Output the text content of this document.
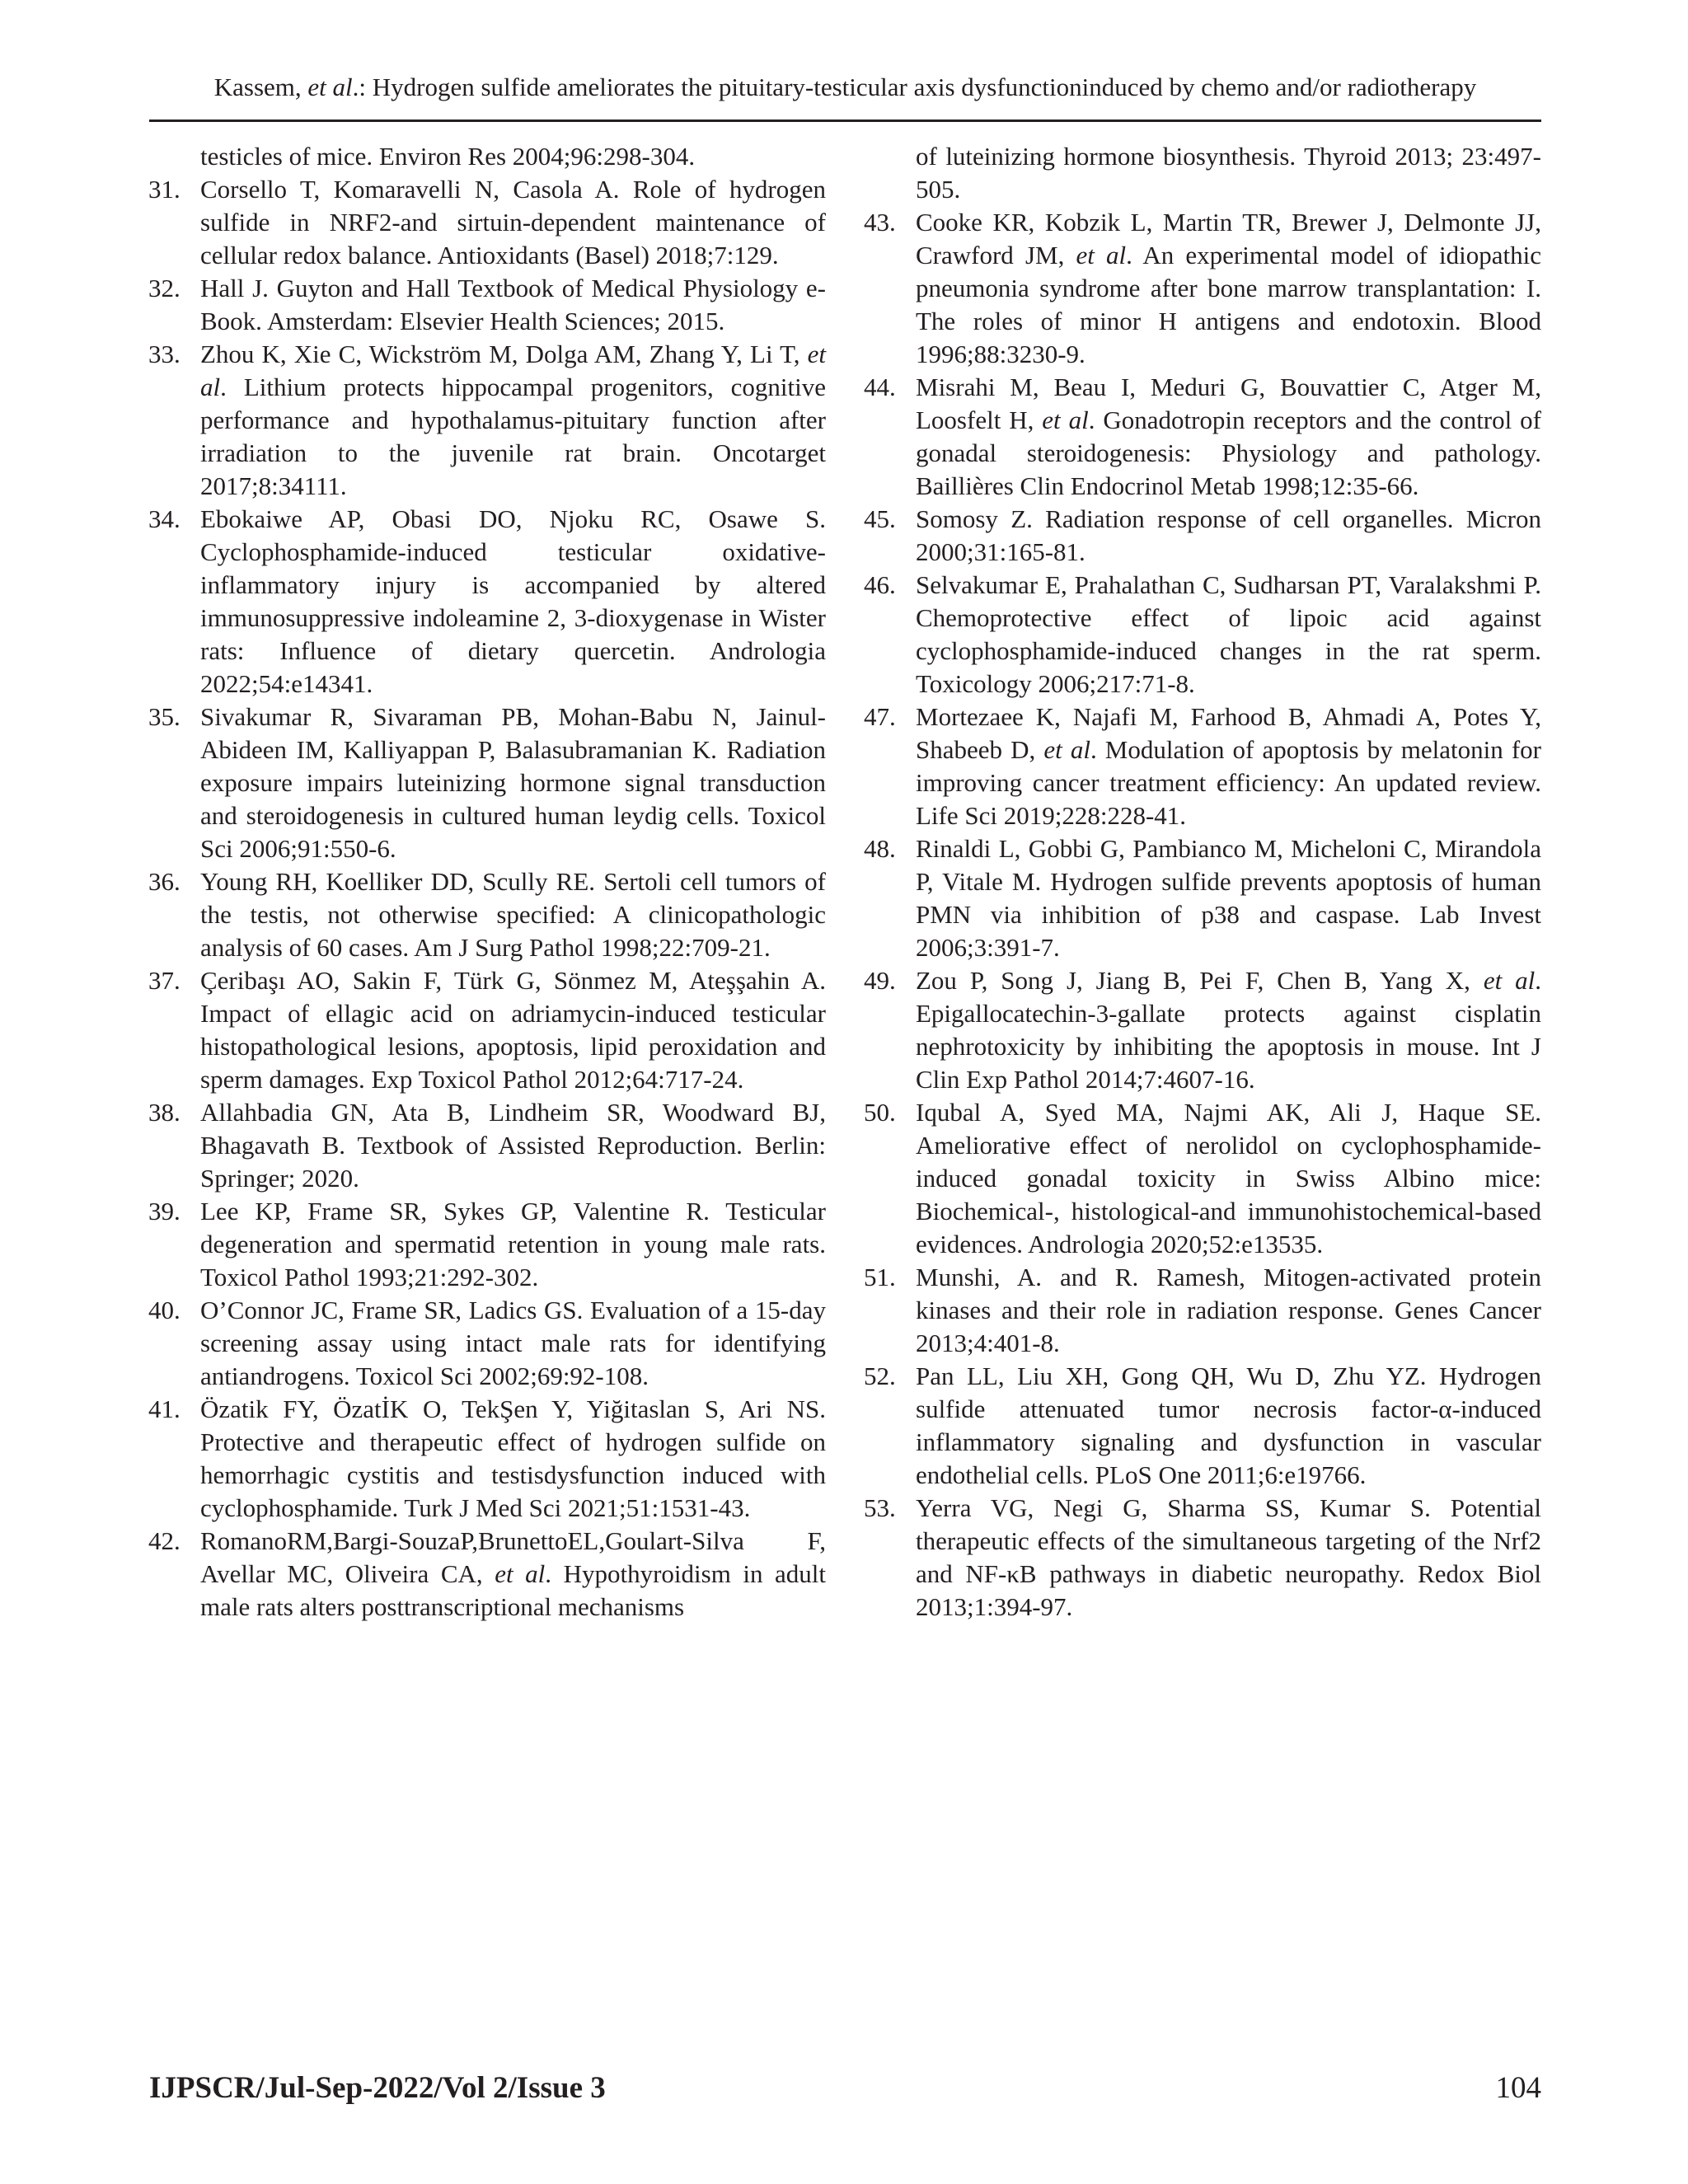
Kassem, et al.: Hydrogen sulfide ameliorates the pituitary-testicular axis dysfunctioninduced by chemo and/or radiotherapy
testicles of mice. Environ Res 2004;96:298-304.
31. Corsello T, Komaravelli N, Casola A. Role of hydrogen sulfide in NRF2-and sirtuin-dependent maintenance of cellular redox balance. Antioxidants (Basel) 2018;7:129.
32. Hall J. Guyton and Hall Textbook of Medical Physiology e-Book. Amsterdam: Elsevier Health Sciences; 2015.
33. Zhou K, Xie C, Wickström M, Dolga AM, Zhang Y, Li T, et al. Lithium protects hippocampal progenitors, cognitive performance and hypothalamus-pituitary function after irradiation to the juvenile rat brain. Oncotarget 2017;8:34111.
34. Ebokaiwe AP, Obasi DO, Njoku RC, Osawe S. Cyclophosphamide-induced testicular oxidative-inflammatory injury is accompanied by altered immunosuppressive indoleamine 2, 3-dioxygenase in Wister rats: Influence of dietary quercetin. Andrologia 2022;54:e14341.
35. Sivakumar R, Sivaraman PB, Mohan-Babu N, Jainul-Abideen IM, Kalliyappan P, Balasubramanian K. Radiation exposure impairs luteinizing hormone signal transduction and steroidogenesis in cultured human leydig cells. Toxicol Sci 2006;91:550-6.
36. Young RH, Koelliker DD, Scully RE. Sertoli cell tumors of the testis, not otherwise specified: A clinicopathologic analysis of 60 cases. Am J Surg Pathol 1998;22:709-21.
37. Çeribaşı AO, Sakin F, Türk G, Sönmez M, Ateşşahin A. Impact of ellagic acid on adriamycin-induced testicular histopathological lesions, apoptosis, lipid peroxidation and sperm damages. Exp Toxicol Pathol 2012;64:717-24.
38. Allahbadia GN, Ata B, Lindheim SR, Woodward BJ, Bhagavath B. Textbook of Assisted Reproduction. Berlin: Springer; 2020.
39. Lee KP, Frame SR, Sykes GP, Valentine R. Testicular degeneration and spermatid retention in young male rats. Toxicol Pathol 1993;21:292-302.
40. O’Connor JC, Frame SR, Ladics GS. Evaluation of a 15-day screening assay using intact male rats for identifying antiandrogens. Toxicol Sci 2002;69:92-108.
41. Özatik FY, ÖzatİK O, TekŞen Y, Yiğitaslan S, Ari NS. Protective and therapeutic effect of hydrogen sulfide on hemorrhagic cystitis and testisdysfunction induced with cyclophosphamide. Turk J Med Sci 2021;51:1531-43.
42. RomanoRM,Bargi-SouzaP,BrunettoEL,Goulart-Silva F, Avellar MC, Oliveira CA, et al. Hypothyroidism in adult male rats alters posttranscriptional mechanisms
of luteinizing hormone biosynthesis. Thyroid 2013; 23:497-505.
43. Cooke KR, Kobzik L, Martin TR, Brewer J, Delmonte JJ, Crawford JM, et al. An experimental model of idiopathic pneumonia syndrome after bone marrow transplantation: I. The roles of minor H antigens and endotoxin. Blood 1996;88:3230-9.
44. Misrahi M, Beau I, Meduri G, Bouvattier C, Atger M, Loosfelt H, et al. Gonadotropin receptors and the control of gonadal steroidogenesis: Physiology and pathology. Baillières Clin Endocrinol Metab 1998;12:35-66.
45. Somosy Z. Radiation response of cell organelles. Micron 2000;31:165-81.
46. Selvakumar E, Prahalathan C, Sudharsan PT, Varalakshmi P. Chemoprotective effect of lipoic acid against cyclophosphamide-induced changes in the rat sperm. Toxicology 2006;217:71-8.
47. Mortezaee K, Najafi M, Farhood B, Ahmadi A, Potes Y, Shabeeb D, et al. Modulation of apoptosis by melatonin for improving cancer treatment efficiency: An updated review. Life Sci 2019;228:228-41.
48. Rinaldi L, Gobbi G, Pambianco M, Micheloni C, Mirandola P, Vitale M. Hydrogen sulfide prevents apoptosis of human PMN via inhibition of p38 and caspase. Lab Invest 2006;3:391-7.
49. Zou P, Song J, Jiang B, Pei F, Chen B, Yang X, et al. Epigallocatechin-3-gallate protects against cisplatin nephrotoxicity by inhibiting the apoptosis in mouse. Int J Clin Exp Pathol 2014;7:4607-16.
50. Iqubal A, Syed MA, Najmi AK, Ali J, Haque SE. Ameliorative effect of nerolidol on cyclophosphamide-induced gonadal toxicity in Swiss Albino mice: Biochemical-, histological-and immunohistochemical-based evidences. Andrologia 2020;52:e13535.
51. Munshi, A. and R. Ramesh, Mitogen-activated protein kinases and their role in radiation response. Genes Cancer 2013;4:401-8.
52. Pan LL, Liu XH, Gong QH, Wu D, Zhu YZ. Hydrogen sulfide attenuated tumor necrosis factor-α-induced inflammatory signaling and dysfunction in vascular endothelial cells. PLoS One 2011;6:e19766.
53. Yerra VG, Negi G, Sharma SS, Kumar S. Potential therapeutic effects of the simultaneous targeting of the Nrf2 and NF-κB pathways in diabetic neuropathy. Redox Biol 2013;1:394-97.
IJPSCR/Jul-Sep-2022/Vol 2/Issue 3	104
